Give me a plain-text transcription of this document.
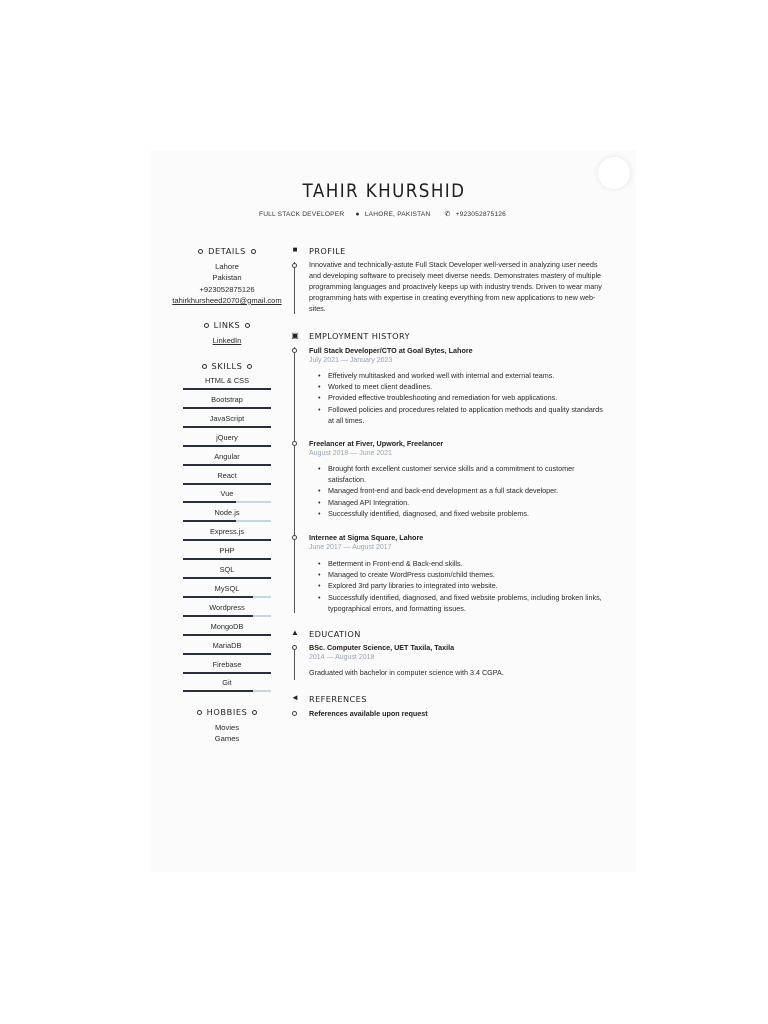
TAHIR KHURSHID
FULL STACK DEVELOPER ● LAHORE, PAKISTAN ✆ +923052875126
DETAILS
Lahore
Pakistan
+923052875126
tahirkhursheed2070@gmail.com
LINKS
LinkedIn
SKILLS
HTML & CSS
Bootstrap
JavaScript
jQuery
Angular
React
Vue
Node.js
Express.js
PHP
SQL
MySQL
Wordpress
MongoDB
MariaDB
Firebase
Git
HOBBIES
Movies
Games
■	PROFILE
Innovative and technically-astute Full Stack Developer well-versed in analyzing user needs and developing software to precisely meet diverse needs. Demonstrates mastery of multiple programming languages and proactively keeps up with industry trends. Driven to wear many programming hats with expertise in creating everything from new applications to new web- sites.
▣ EMPLOYMENT HISTORY
Full Stack Developer/CTO at Goal Bytes, Lahore
July 2021 — January 2023
• Effetively multitasked and worked well with internal and external teams.
• Worked to meet client deadlines.
• Provided effective troubleshooting and remediation for web applications.
• Followed policies and procedures related to application methods and quality standards at all times.
Freelancer at Fiver, Upwork, Freelancer
August 2018 — June 2021
• Brought forth excellent customer service skills and a commitment to customer satisfaction.
• Managed front-end and back-end development as a full stack developer.
• Managed API Integration.
• Successfully identified, diagnosed, and fixed website problems.
Internee at Sigma Square, Lahore
June 2017 — August 2017
• Betterment in Front-end & Back-end skills.
• Managed to create WordPress custom/child themes.
• Explored 3rd party libraries to integrated into website.
• Successfully identified, diagnosed, and fixed website problems, including broken links, typographical errors, and formatting issues.
▲ EDUCATION
BSc. Computer Science, UET Taxila, Taxila
2014 — August 2018
Graduated with bachelor in computer science with 3.4 CGPA.
◄ REFERENCES
References available upon request
